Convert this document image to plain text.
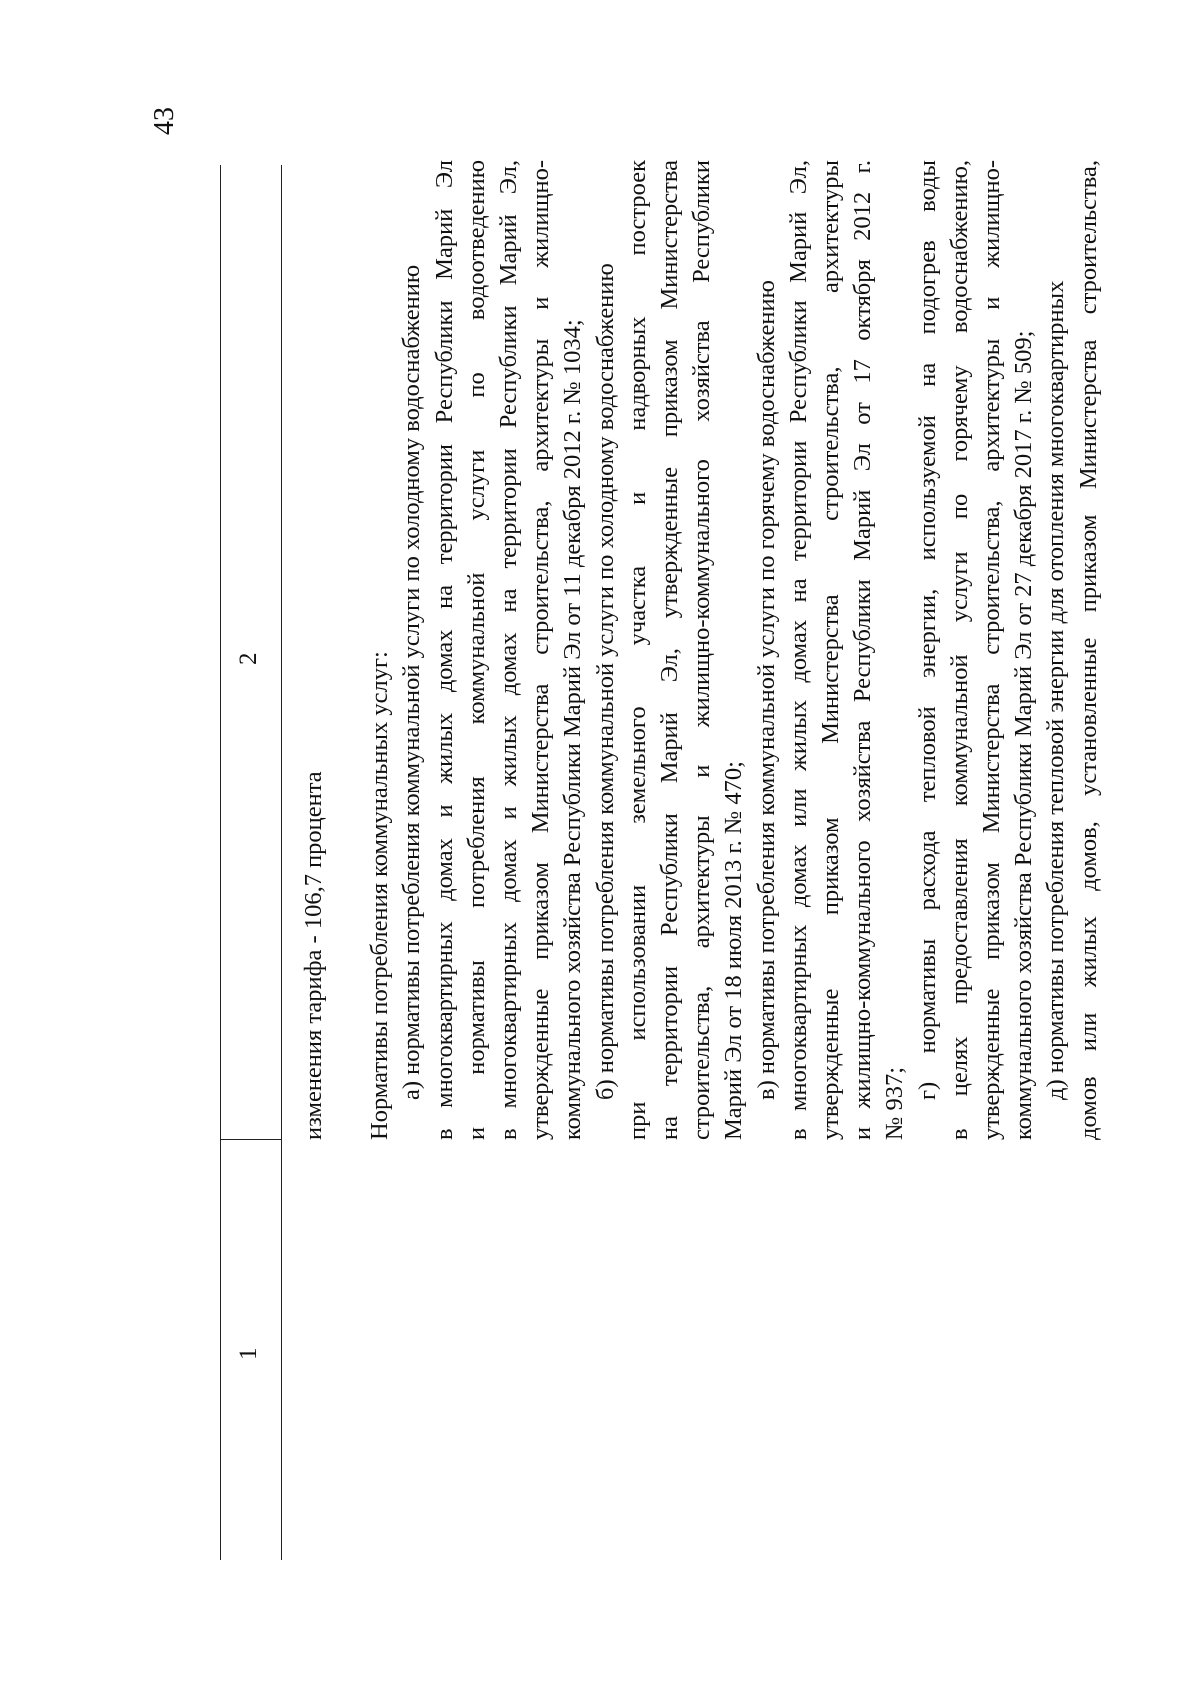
43
1
2
изменения тарифа - 106,7 процента Нормативы потребления коммунальных услуг: а) нормативы потребления коммунальной услуги по холодному водоснабжению в многоквартирных домах и жилых домах на территории Республики Марий Эл и нормативы потребления коммунальной услуги по водоотведению в многоквартирных домах и жилых домах на территории Республики Марий Эл, утвержденные приказом Министерства строительства, архитектуры и жилищно- коммунального хозяйства Республики Марий Эл от 11 декабря 2012 г. № 1034; б) нормативы потребления коммунальной услуги по холодному водоснабжению при использовании земельного участка и надворных построек на территории Республики Марий Эл, утвержденные приказом Министерства строительства, архитектуры и жилищно-коммунального хозяйства Республики Марий Эл от 18 июля 2013 г. № 470; в) нормативы потребления коммунальной услуги по горячему водоснабжению в многоквартирных домах или жилых домах на территории Республики Марий Эл, утвержденные приказом Министерства строительства, архитектуры и жилищно-коммунального хозяйства Республики Марий Эл от 17 октября 2012 г. № 937;
г) нормативы расхода тепловой энергии, используемой на подогрев воды в целях предоставления коммунальной услуги по горячему водоснабжению, утвержденные приказом Министерства строительства, архитектуры и жилищно- коммунального хозяйства Республики Марий Эл от 27 декабря 2017 г. № 509; д) нормативы потребления тепловой энергии для отопления многоквартирных домов или жилых домов, установленные приказом Министерства строительства,
